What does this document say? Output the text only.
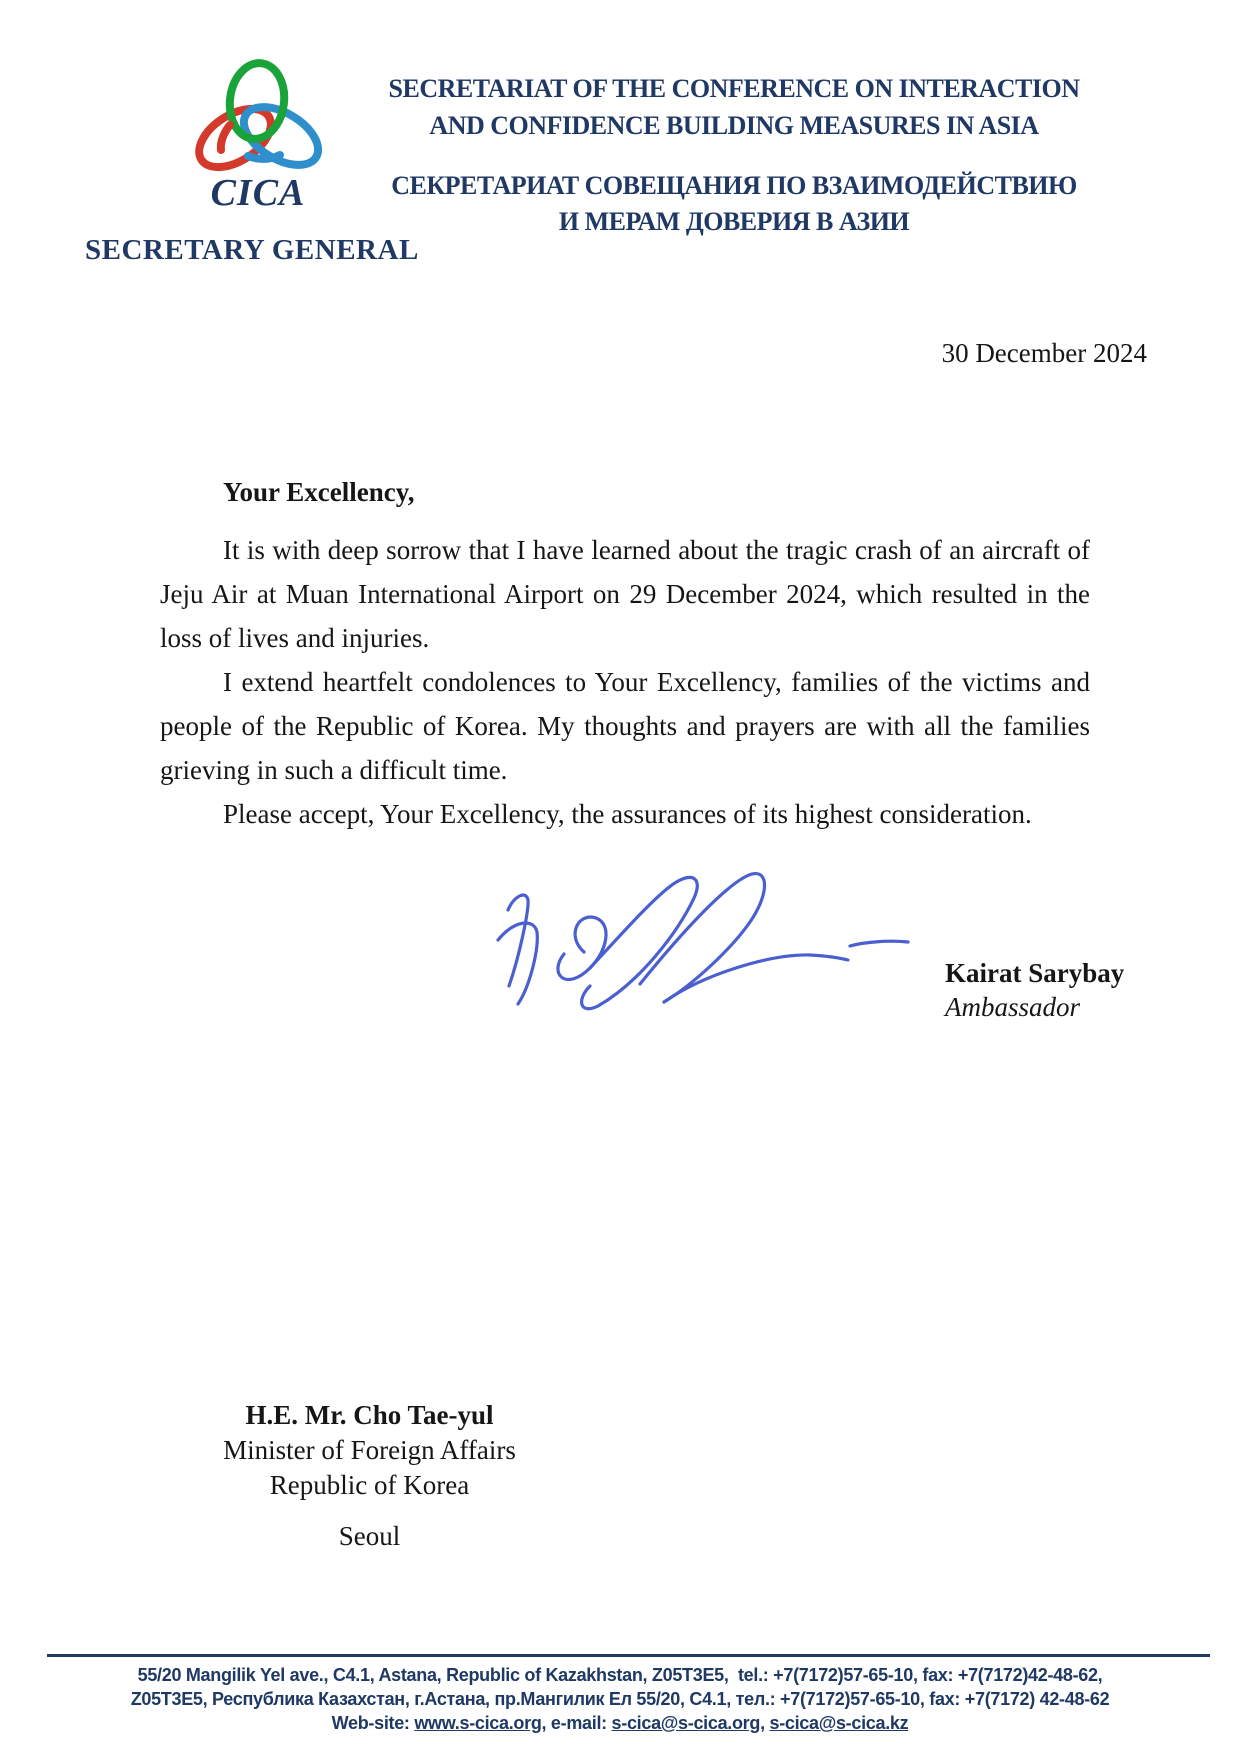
CICA
SECRETARY GENERAL
SECRETARIAT OF THE CONFERENCE ON INTERACTION
AND CONFIDENCE BUILDING MEASURES IN ASIA
СЕКРЕТАРИАТ СОВЕЩАНИЯ ПО ВЗАИМОДЕЙСТВИЮ
И МЕРАМ ДОВЕРИЯ В АЗИИ
30 December 2024

Your Excellency,

It is with deep sorrow that I have learned about the tragic crash of an aircraft of Jeju Air at Muan International Airport on 29 December 2024, which resulted in the loss of lives and injuries.

I extend heartfelt condolences to Your Excellency, families of the victims and people of the Republic of Korea. My thoughts and prayers are with all the families grieving in such a difficult time.

Please accept, Your Excellency, the assurances of its highest consideration.

Kairat Sarybay
Ambassador
H.E. Mr. Cho Tae-yul
Minister of Foreign Affairs
Republic of Korea
Seoul
55/20 Mangilik Yel ave., C4.1, Astana, Republic of Kazakhstan, Z05T3E5,  tel.: +7(7172)57-65-10, fax: +7(7172)42-48-62,
Z05T3E5, Республика Казахстан, г.Астана, пр.Мангилик Ел 55/20, C4.1, тел.: +7(7172)57-65-10, fax: +7(7172) 42-48-62
Web-site: www.s-cica.org, e-mail: s-cica@s-cica.org, s-cica@s-cica.kz
